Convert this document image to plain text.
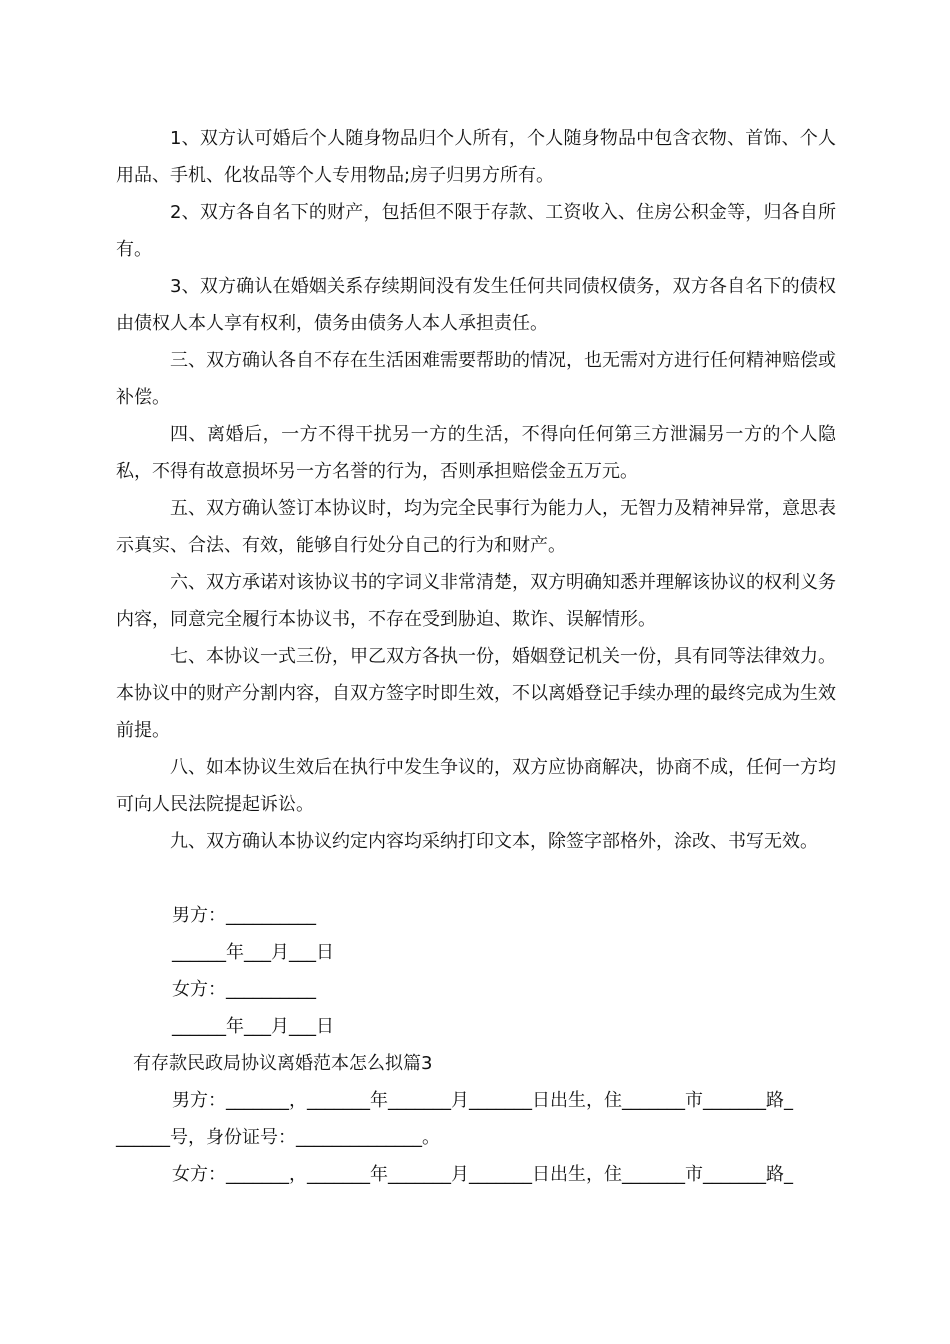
1、双方认可婚后个人随身物品归个人所有，个人随身物品中包含衣物、首饰、个人用品、手机、化妆品等个人专用物品;房子归男方所有。

2、双方各自名下的财产，包括但不限于存款、工资收入、住房公积金等，归各自所有。

3、双方确认在婚姻关系存续期间没有发生任何共同债权债务，双方各自名下的债权由债权人本人享有权利，债务由债务人本人承担责任。

三、双方确认各自不存在生活困难需要帮助的情况，也无需对方进行任何精神赔偿或补偿。

四、离婚后，一方不得干扰另一方的生活，不得向任何第三方泄漏另一方的个人隐私，不得有故意损坏另一方名誉的行为，否则承担赔偿金五万元。

五、双方确认签订本协议时，均为完全民事行为能力人，无智力及精神异常，意思表示真实、合法、有效，能够自行处分自己的行为和财产。

六、双方承诺对该协议书的字词义非常清楚，双方明确知悉并理解该协议的权利义务内容，同意完全履行本协议书，不存在受到胁迫、欺诈、误解情形。

七、本协议一式三份，甲乙双方各执一份，婚姻登记机关一份，具有同等法律效力。本协议中的财产分割内容，自双方签字时即生效，不以离婚登记手续办理的最终完成为生效前提。

八、如本协议生效后在执行中发生争议的，双方应协商解决，协商不成，任何一方均可向人民法院提起诉讼。

九、双方确认本协议约定内容均采纳打印文本，除签字部格外，涂改、书写无效。

男方：__________

______年___月___日

女方：__________

______年___月___日

有存款民政局协议离婚范本怎么拟篇3

男方：_______，_______年_______月_______日出生，住_______市_______路_

______号，身份证号：______________。

女方：_______，_______年_______月_______日出生，住_______市_______路_
